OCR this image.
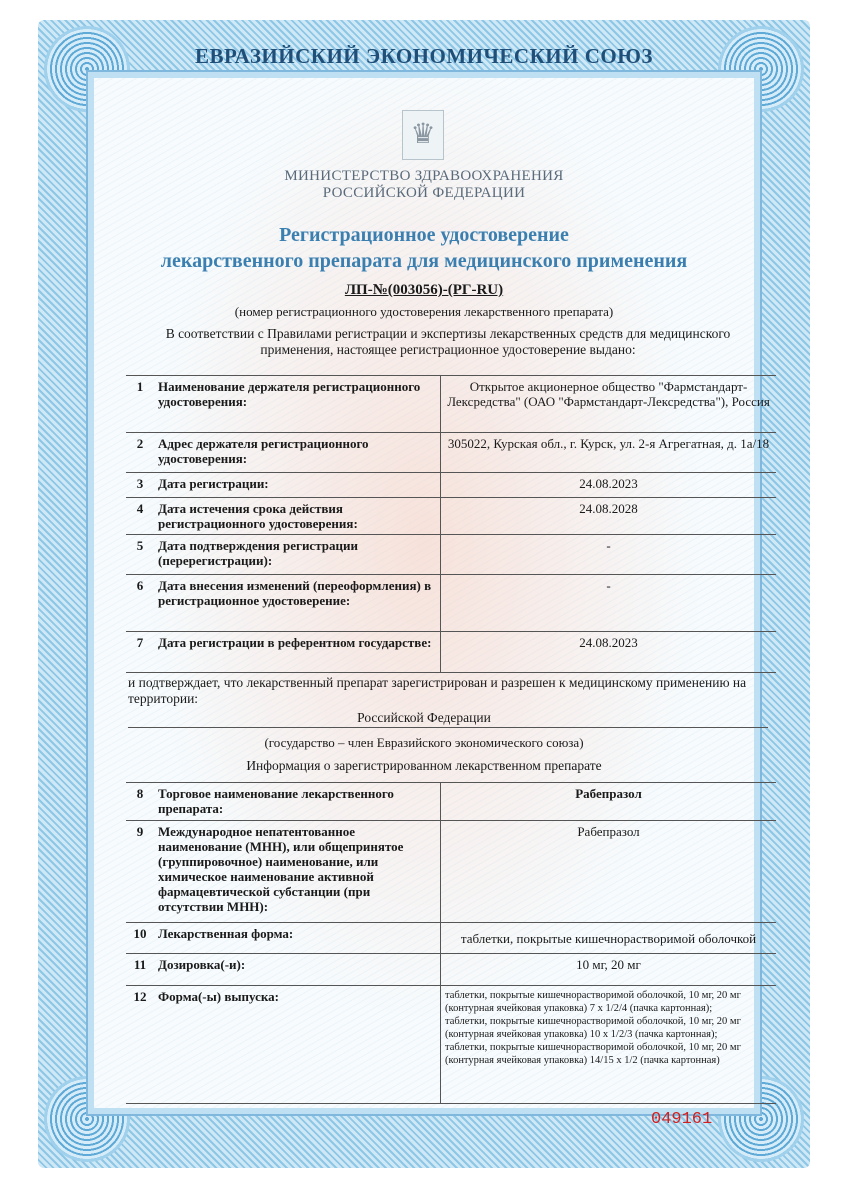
ЕВРАЗИЙСКИЙ ЭКОНОМИЧЕСКИЙ СОЮЗ
♛
МИНИСТЕРСТВО ЗДРАВООХРАНЕНИЯ
РОССИЙСКОЙ ФЕДЕРАЦИИ
Регистрационное удостоверение
лекарственного препарата для медицинского применения
ЛП-№(003056)-(РГ-RU)
(номер регистрационного удостоверения лекарственного препарата)
В соответствии с Правилами регистрации и экспертизы лекарственных средств для медицинского применения, настоящее регистрационное удостоверение выдано:
1	Наименование держателя регистрационного удостоверения:	Открытое акционерное общество "Фармстандарт-Лексредства" (ОАО "Фармстандарт-Лексредства"), Россия
2	Адрес держателя регистрационного удостоверения:	305022, Курская обл., г. Курск, ул. 2-я Агрегатная, д. 1а/18
3	Дата регистрации:	24.08.2023
4	Дата истечения срока действия регистрационного удостоверения:	24.08.2028
5	Дата подтверждения регистрации (перерегистрации):	-
6	Дата внесения изменений (переоформления) в регистрационное удостоверение:	-
7	Дата регистрации в референтном государстве:	24.08.2023
и подтверждает, что лекарственный препарат зарегистрирован и разрешен к медицинскому применению на территории:
Российской Федерации
(государство – член Евразийского экономического союза)
Информация о зарегистрированном лекарственном препарате
8	Торговое наименование лекарственного препарата:	Рабепразол
9	Международное непатентованное наименование (МНН), или общепринятое (группировочное) наименование, или химическое наименование активной фармацевтической субстанции (при отсутствии МНН):	Рабепразол
10	Лекарственная форма:	таблетки, покрытые кишечнорастворимой оболочкой
11	Дозировка(-и):	10 мг, 20 мг
12	Форма(-ы) выпуска:	таблетки, покрытые кишечнорастворимой оболочкой, 10 мг, 20 мг (контурная ячейковая упаковка) 7 x 1/2/4 (пачка картонная);
таблетки, покрытые кишечнорастворимой оболочкой, 10 мг, 20 мг (контурная ячейковая упаковка) 10 x 1/2/3 (пачка картонная);
таблетки, покрытые кишечнорастворимой оболочкой, 10 мг, 20 мг (контурная ячейковая упаковка) 14/15 x 1/2 (пачка картонная)
049161
